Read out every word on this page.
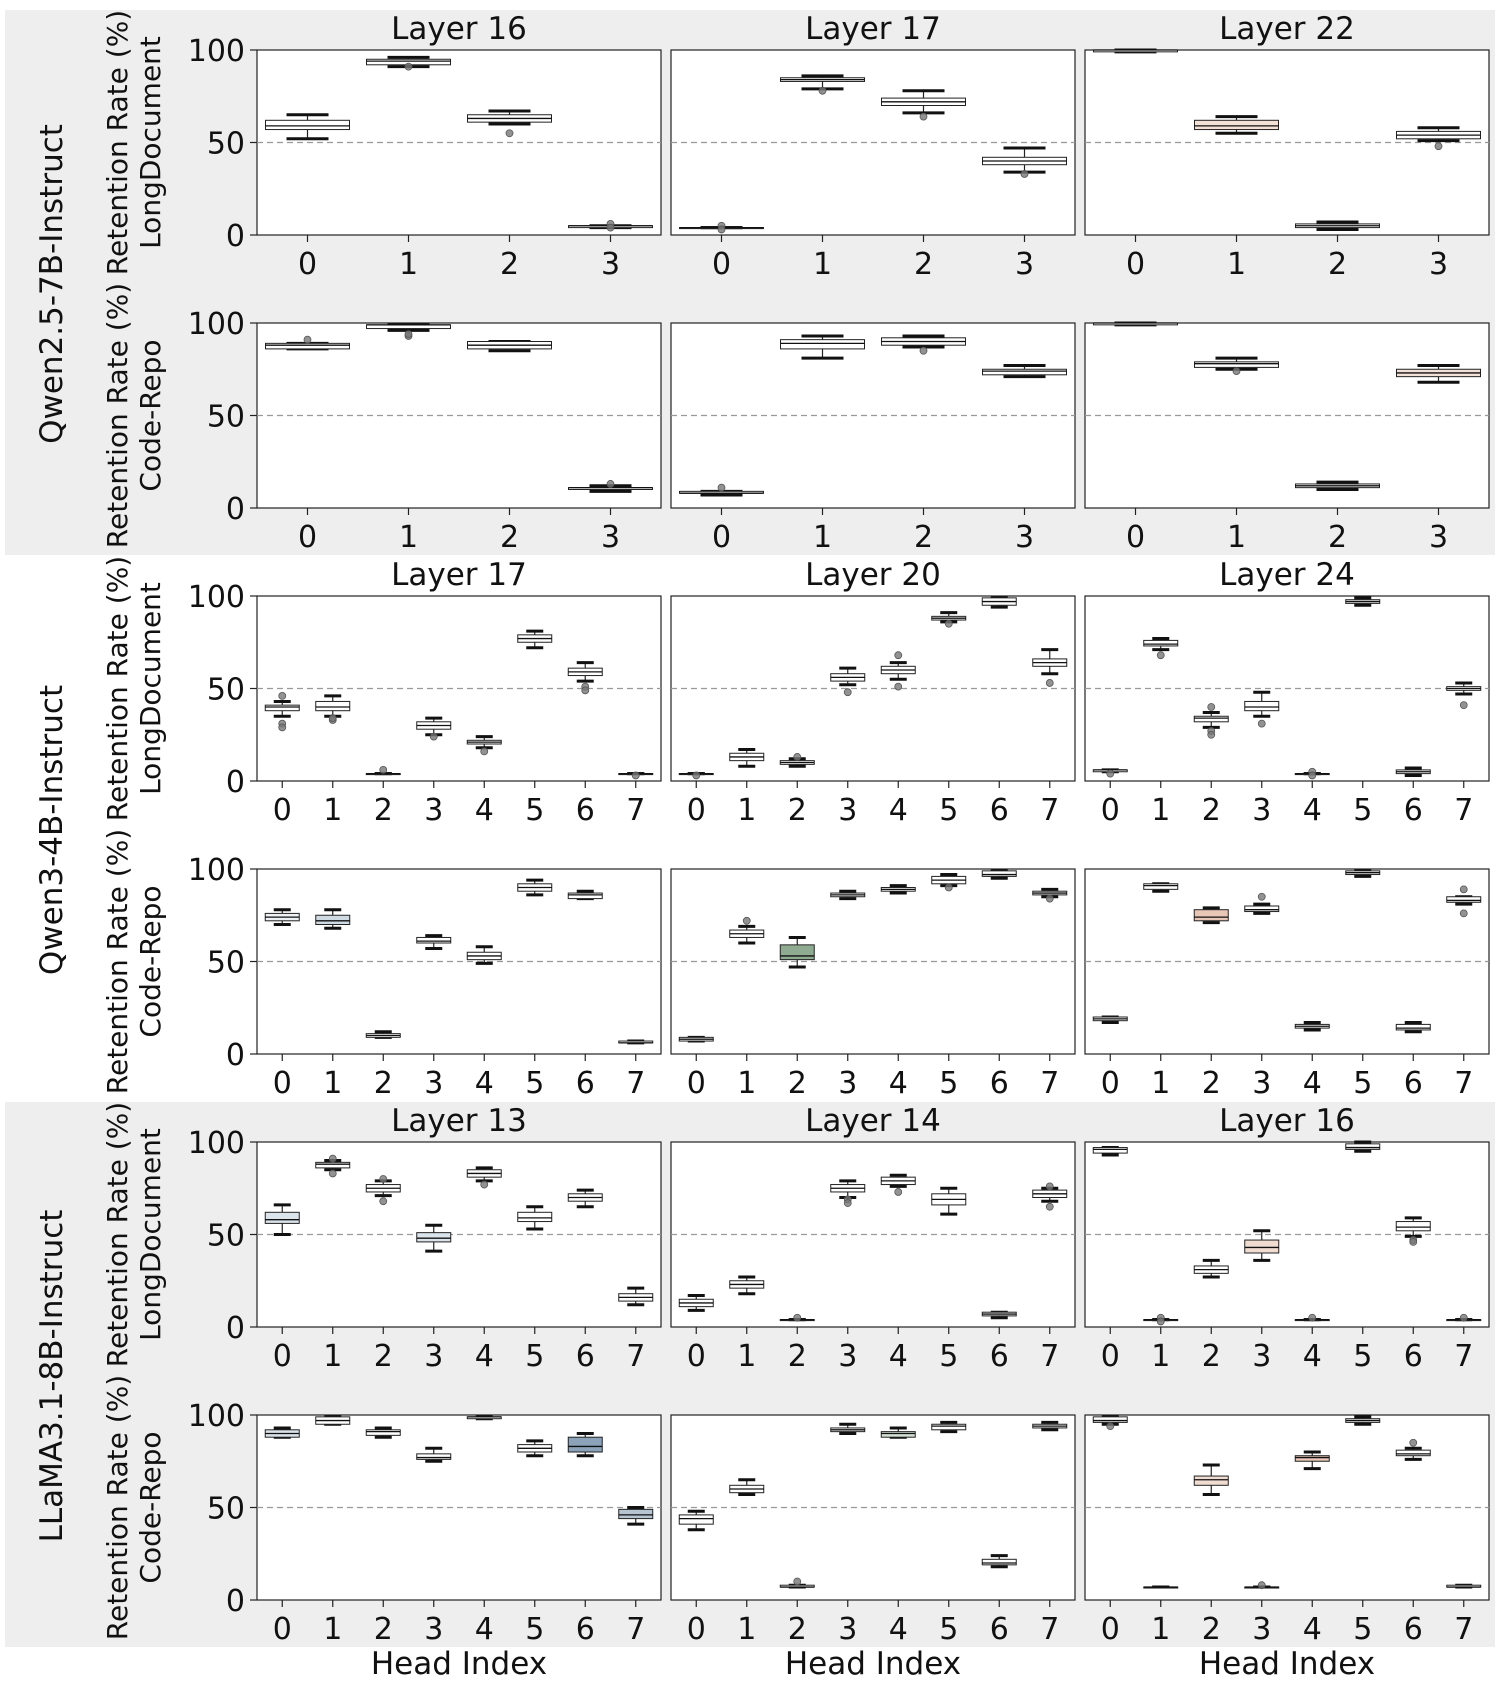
Qwen2.5-7B-Instruct Retention Rate (%) LongDocument
Retention Rate (%) Code-Repo
Layer 16
0
50
100
0	1	2	3
Layer 17
0	1	2	3
Layer 22
0	1	2	3
0
50
100
0	1	2	3	0	1	2	3	0	1	2	3
Qwen3-4B-Instruct Retention Rate (%) LongDocument
Retention Rate (%) Code-Repo
Layer 17
0
50
100
0 1 2 3 4 5 6 7
Layer 20
0 1 2 3 4 5 6 7
Layer 24
0 1 2 3 4 5 6 7
0
50
100
0 1 2 3 4 5 6 7 0 1 2 3 4 5 6 7 0 1 2 3 4 5 6 7
LLaMA3.1-8B-Instruct Retention Rate (%) LongDocument
Retention Rate (%) Code-Repo
Layer 13
0
50
100
0 1 2 3 4 5 6 7
Layer 14
0 1 2 3 4 5 6 7
Layer 16
0 1 2 3 4 5 6 7
0
50
100
0 1 2 3 4 5 6 7 0 1 2 3 4 5 6 7 0 1 2 3 4 5 6 7
Head Index	Head Index	Head Index
